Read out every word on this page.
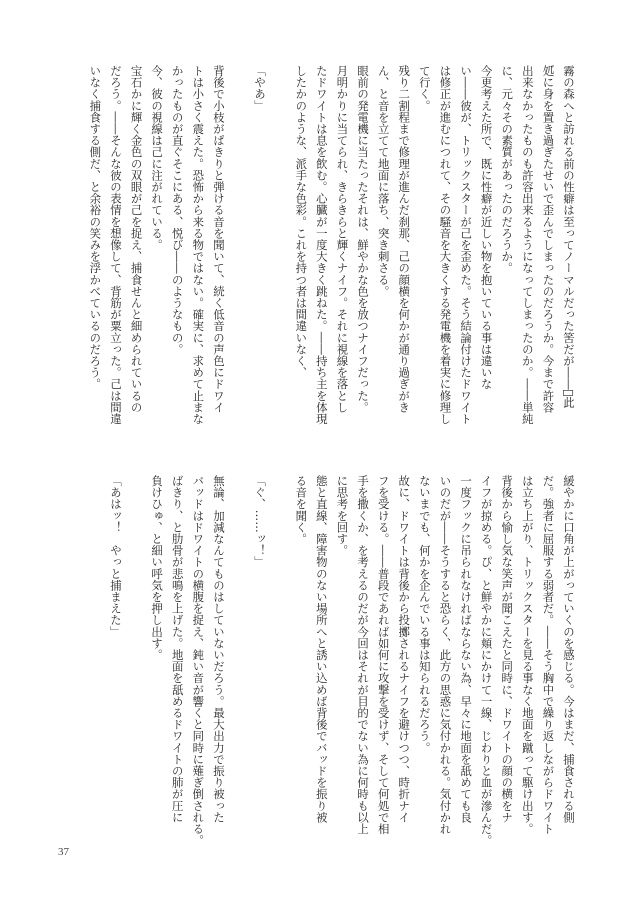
霧の森へと訪れる前の性癖は至ってノーマルだった筈だが――゙此
処゙に身を置き過ぎたせいで歪んでしまったのだろうか。今まで許容
出来なかったものも許容出来るようになってしまったのか。――単純
に、元々その素質があったのだろうか。
今更考えた所で、既に性癖が近しい物を抱いている事は違いな
い――彼が、トリックスターが己を歪めた。そう結論付けたドワイト
は修正が進むにつれて、その騒音を大きくする発電機を着実に修理し
て行く。
残り二割程まで修理が進んだ刹那、己の顔横を何かが通り過ぎがき
ん、と音を立てて地面に落ち、突き刺さる。
眼前の発電機に当たったそれは、鮮やかな色を放つナイフだった。
月明かりに当てられ、きらきらと輝くナイフ。それに視線を落とし
たドワイトは息を飲む。心臓が一度大きく跳ねた。――持ち主を体現
したかのような、派手な色彩。これを持つ者は間違いなく、
「やあ」
背後で小枝がぱきりと弾ける音を聞いて、続く低音の声色にドワイ
トは小さく震えた。恐怖から来る物ではない。確実に、求めて止まな
かったものが直ぐそこにある、悦び――のようなもの。
今、彼の視線は己に注がれている。
宝石かに輝く金色の双眼が己を捉え、捕食せんと細められているの
だろう。――そんな彼の表情を想像して、背筋が粟立った。己は間違
いなく捕食する側だ、と余裕の笑みを浮かべているのだろう。
緩やかに口角が上がっていくのを感じる。今はまだ、捕食される側
だ。強者に屈服する弱者だ。――そう胸中で繰り返しながらドワイト
は立ち上がり、トリックスターを見る事なく地面を蹴って駆け出す。
背後から愉し気な笑声が聞こえたと同時に、ドワイトの顔の横をナ
イフが掠める。ぴ、と鮮やかに頬にかけて一線、じわりと血が滲んだ。
一度フックに吊られなければならない為、早々に地面を舐めても良
いのだが――そうすると恐らく、此方の思惑に気付かれる。気付かれ
ないまでも、何かを企んでいる事は知られるだろう。
故に、ドワイトは背後から投擲されるナイフを避けつつ、時折ナイ
フを受ける。――普段であれば如何に攻撃を受けず、そして何処で相
手を撒くか、を考えるのだが今回はそれが目的でない為に何時も以上
に思考を回す。
態と直線、障害物のない場所へと誘い込めば背後でバッドを振り被
る音を聞く。
「ぐ、……ッ！」
無論、加減なんてものはしていないだろう。最大出力で振り被った
バッドはドワイトの横腹を捉え、鈍い音が響くと同時に薙ぎ倒される。
ばきり、と肋骨が悲鳴を上げた。地面を舐めるドワイトの肺が圧に
負けひゅ、と細い呼気を押し出す。
「あはッ！　やっと捕まえた」
37
